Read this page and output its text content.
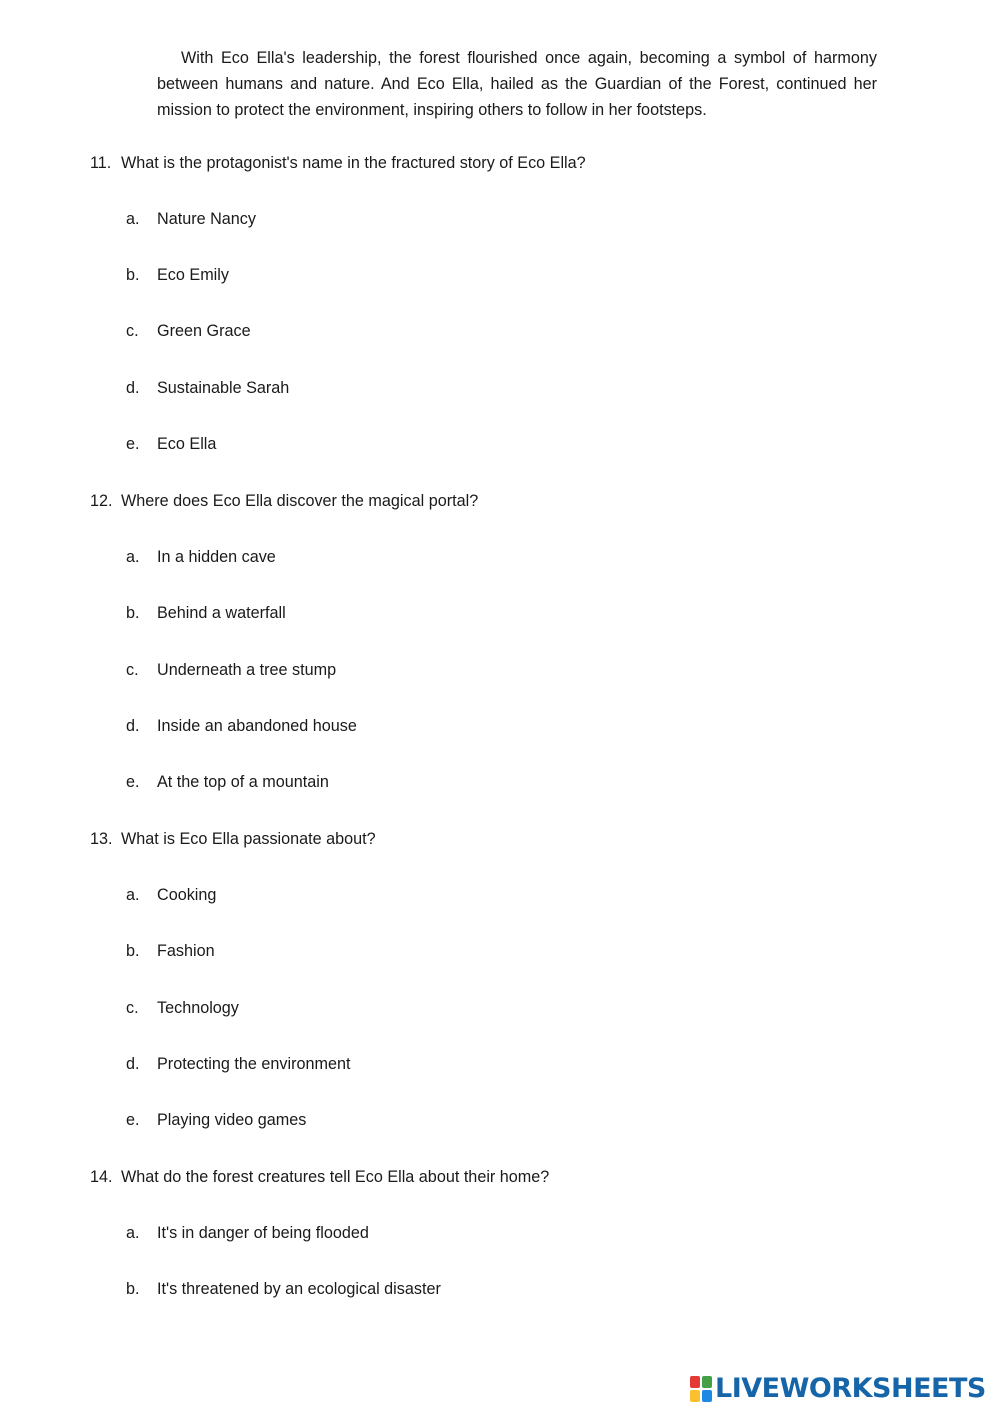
With Eco Ella's leadership, the forest flourished once again, becoming a symbol of harmony between humans and nature. And Eco Ella, hailed as the Guardian of the Forest, continued her mission to protect the environment, inspiring others to follow in her footsteps.

11. What is the protagonist's name in the fractured story of Eco Ella?
a. Nature Nancy
b. Eco Emily
c. Green Grace
d. Sustainable Sarah
e. Eco Ella
12. Where does Eco Ella discover the magical portal?
a. In a hidden cave
b. Behind a waterfall
c. Underneath a tree stump
d. Inside an abandoned house
e. At the top of a mountain
13. What is Eco Ella passionate about?
a. Cooking
b. Fashion
c. Technology
d. Protecting the environment
e. Playing video games
14. What do the forest creatures tell Eco Ella about their home?
a. It's in danger of being flooded
b. It's threatened by an ecological disaster
LIVEWORKSHEETS
